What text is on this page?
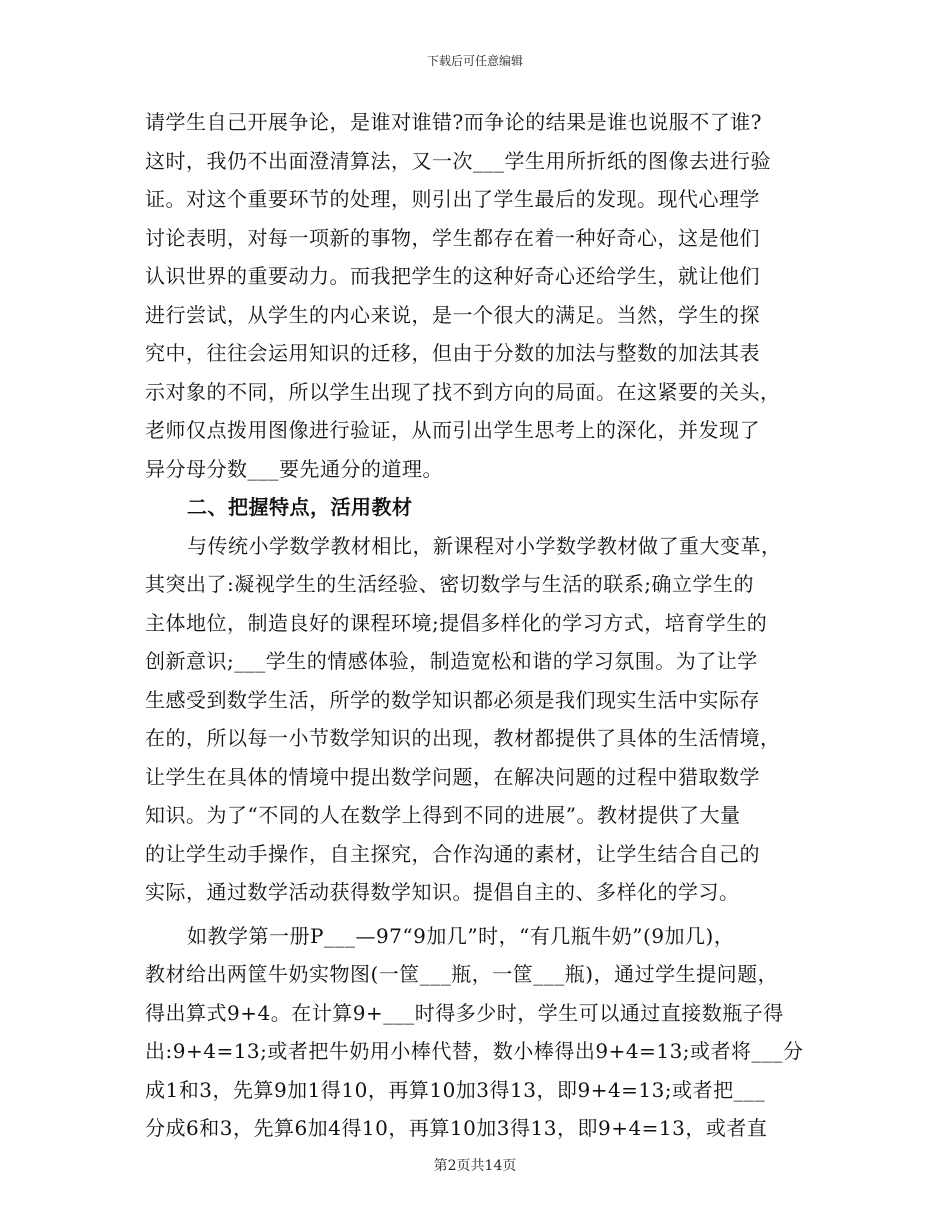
下载后可任意编辑
请学生自己开展争论，是谁对谁错?而争论的结果是谁也说服不了谁?
这时，我仍不出面澄清算法，又一次___学生用所折纸的图像去进行验
证。对这个重要环节的处理，则引出了学生最后的发现。现代心理学
讨论表明，对每一项新的事物，学生都存在着一种好奇心，这是他们
认识世界的重要动力。而我把学生的这种好奇心还给学生，就让他们
进行尝试，从学生的内心来说，是一个很大的满足。当然，学生的探
究中，往往会运用知识的迁移，但由于分数的加法与整数的加法其表
示对象的不同，所以学生出现了找不到方向的局面。在这紧要的关头，
老师仅点拨用图像进行验证，从而引出学生思考上的深化，并发现了
异分母分数___要先通分的道理。
二、把握特点，活用教材
与传统小学数学教材相比，新课程对小学数学教材做了重大变革，
其突出了:凝视学生的生活经验、密切数学与生活的联系;确立学生的
主体地位，制造良好的课程环境;提倡多样化的学习方式，培育学生的
创新意识;___学生的情感体验，制造宽松和谐的学习氛围。为了让学
生感受到数学生活，所学的数学知识都必须是我们现实生活中实际存
在的，所以每一小节数学知识的出现，教材都提供了具体的生活情境，
让学生在具体的情境中提出数学问题，在解决问题的过程中猎取数学
知识。为了“不同的人在数学上得到不同的进展”。教材提供了大量
的让学生动手操作，自主探究，合作沟通的素材，让学生结合自己的
实际，通过数学活动获得数学知识。提倡自主的、多样化的学习。
如教学第一册P___—97“9加几”时，“有几瓶牛奶”(9加几)，
教材给出两筐牛奶实物图(一筐___瓶，一筐___瓶)，通过学生提问题，
得出算式9+4。在计算9+___时得多少时，学生可以通过直接数瓶子得
出:9+4=13;或者把牛奶用小棒代替，数小棒得出9+4=13;或者将___分
成1和3，先算9加1得10，再算10加3得13，即9+4=13;或者把___
分成6和3，先算6加4得10，再算10加3得13，即9+4=13，或者直
第2页共14页
